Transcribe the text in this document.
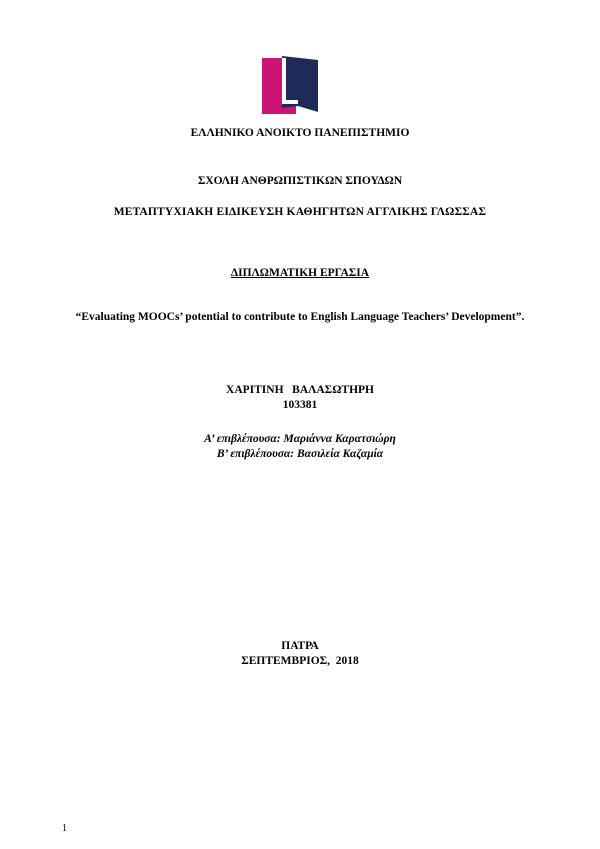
ΕΛΛΗΝΙΚΟ ΑΝΟΙΚΤΟ ΠΑΝΕΠΙΣΤΗΜΙΟ
ΣΧΟΛΗ ΑΝΘΡΩΠΙΣΤΙΚΩΝ ΣΠΟΥΔΩΝ
ΜΕΤΑΠΤΥΧΙΑΚΗ ΕΙΔΙΚΕΥΣΗ ΚΑΘΗΓΗΤΩΝ ΑΓΓΛΙΚΗΣ ΓΛΩΣΣΑΣ
ΔΙΠΛΩΜΑΤΙΚΗ ΕΡΓΑΣΙΑ
“Evaluating MOOCs’ potential to contribute to English Language Teachers’ Development”.
ΧΑΡΙΤΙΝΗ   ΒΑΛΑΣΩΤΗΡΗ
103381
Α’ επιβλέπουσα: Μαριάννα Καρατσιώρη
Β’ επιβλέπουσα: Βασιλεία Καζαμία
ΠΑΤΡΑ
ΣΕΠΤΕΜΒΡΙΟΣ,  2018
1
